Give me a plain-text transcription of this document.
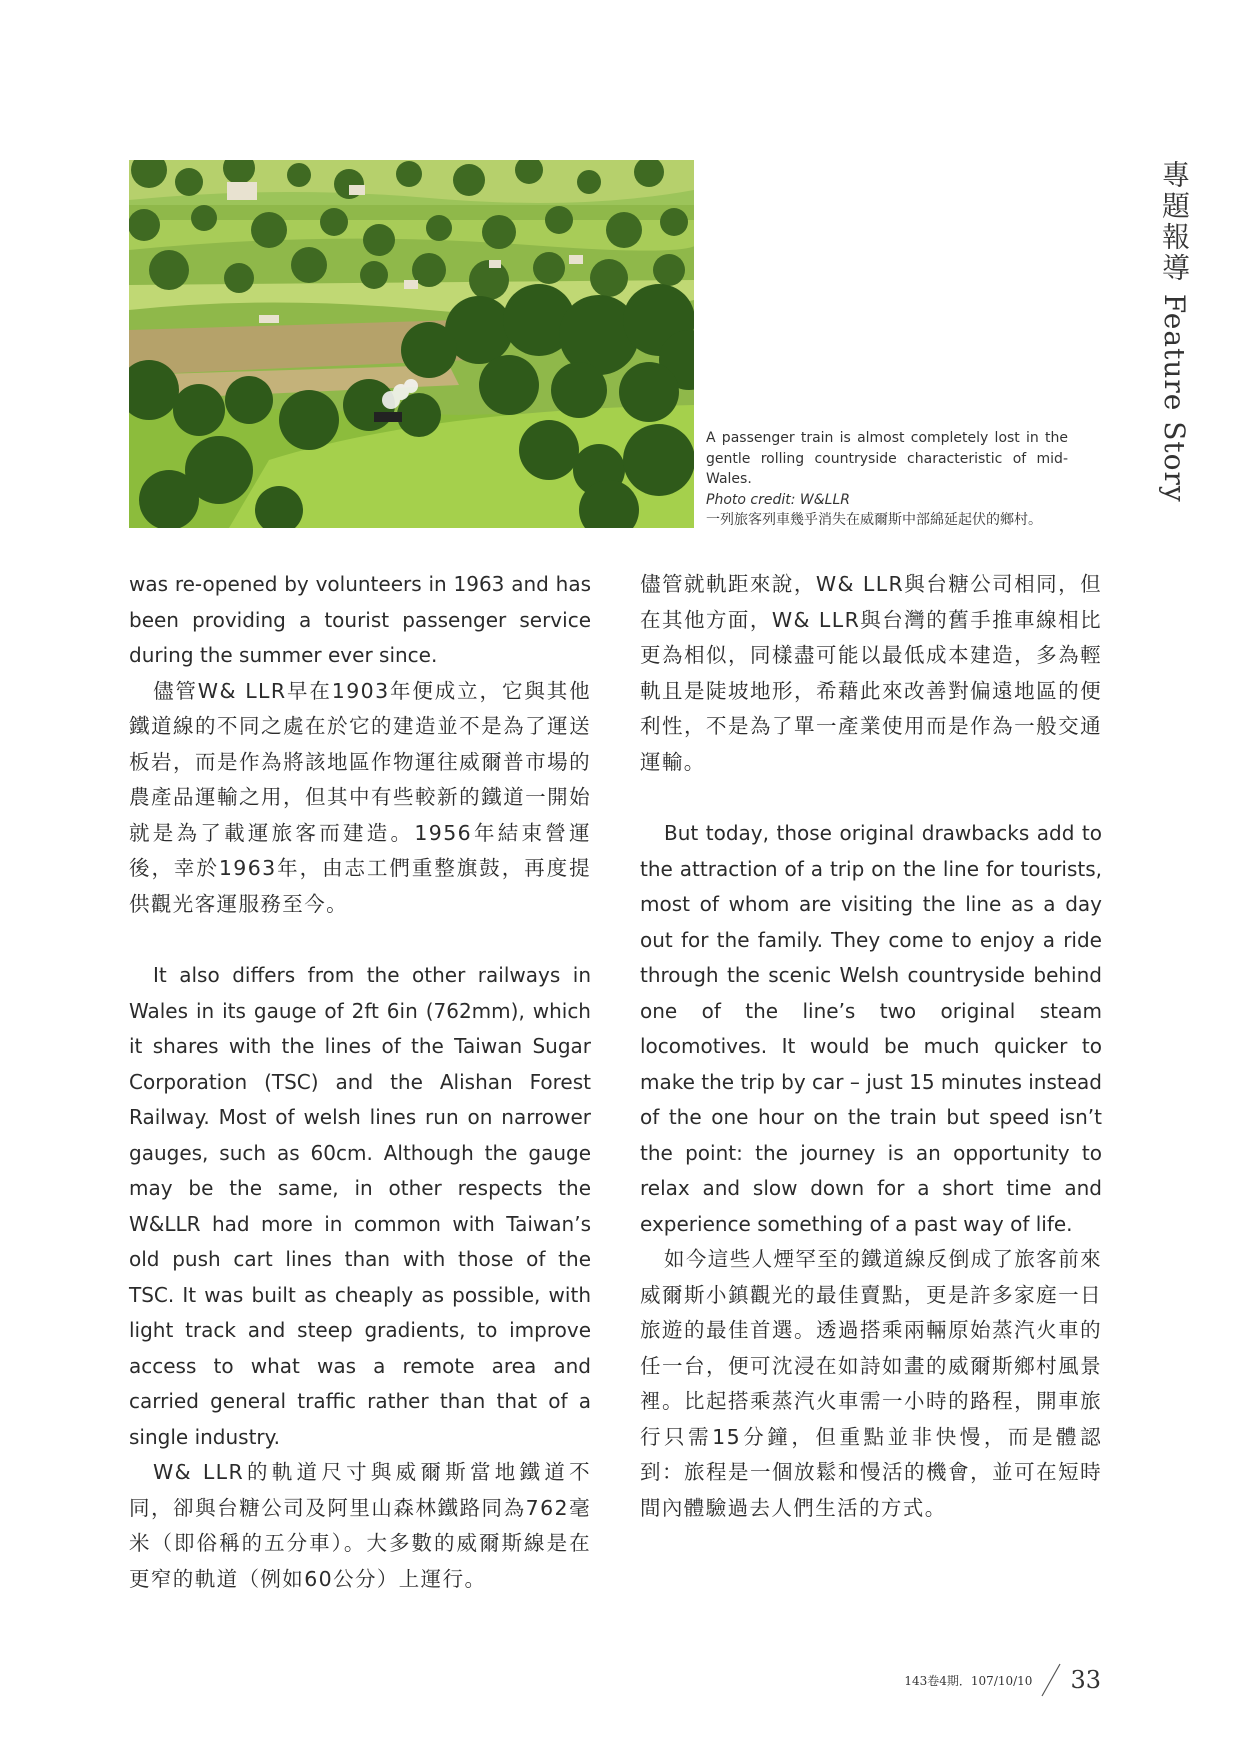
A passenger train is almost completely lost in the gentle rolling countryside characteristic of mid-Wales.
Photo credit: W&LLR
一列旅客列車幾乎消失在威爾斯中部綿延起伏的鄉村。
專題報導 Feature Story

was re-opened by volunteers in 1963 and has been providing a tourist passenger service during the summer ever since.

儘管W& LLR早在1903年便成立，它與其他鐵道線的不同之處在於它的建造並不是為了運送板岩，而是作為將該地區作物運往威爾普市場的農產品運輸之用，但其中有些較新的鐵道一開始就是為了載運旅客而建造。1956年結束營運後，幸於1963年，由志工們重整旗鼓，再度提供觀光客運服務至今。

It also differs from the other railways in Wales in its gauge of 2ft 6in (762mm), which it shares with the lines of the Taiwan Sugar Corporation (TSC) and the Alishan Forest Railway. Most of welsh lines run on narrower gauges, such as 60cm. Although the gauge may be the same, in other respects the W&LLR had more in common with Taiwan’s old push cart lines than with those of the TSC. It was built as cheaply as possible, with light track and steep gradients, to improve access to what was a remote area and carried general traffic rather than that of a single industry.

W& LLR的軌道尺寸與威爾斯當地鐵道不同，卻與台糖公司及阿里山森林鐵路同為762毫米（即俗稱的五分車）。大多數的威爾斯線是在更窄的軌道（例如60公分）上運行。

儘管就軌距來說，W& LLR與台糖公司相同，但在其他方面，W& LLR與台灣的舊手推車線相比更為相似，同樣盡可能以最低成本建造，多為輕軌且是陡坡地形，希藉此來改善對偏遠地區的便利性，不是為了單一產業使用而是作為一般交通運輸。

But today, those original drawbacks add to the attraction of a trip on the line for tourists, most of whom are visiting the line as a day out for the family. They come to enjoy a ride through the scenic Welsh countryside behind one of the line’s two original steam locomotives. It would be much quicker to make the trip by car – just 15 minutes instead of the one hour on the train but speed isn’t the point: the journey is an opportunity to relax and slow down for a short time and experience something of a past way of life.

如今這些人煙罕至的鐵道線反倒成了旅客前來威爾斯小鎮觀光的最佳賣點，更是許多家庭一日旅遊的最佳首選。透過搭乘兩輛原始蒸汽火車的任一台，便可沈浸在如詩如畫的威爾斯鄉村風景裡。比起搭乘蒸汽火車需一小時的路程，開車旅行只需15分鐘，但重點並非快慢，而是體認到：旅程是一個放鬆和慢活的機會，並可在短時間內體驗過去人們生活的方式。

143卷4期．107/10/10 33
